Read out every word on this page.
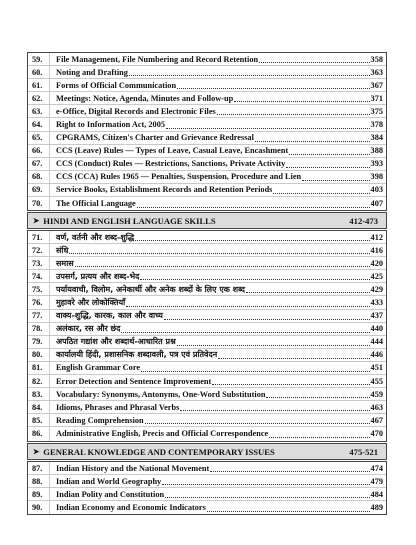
59.	File Management, File Numbering and Record Retention	358
60.	Noting and Drafting	363
61.	Forms of Official Communication	367
62.	Meetings: Notice, Agenda, Minutes and Follow-up	371
63.	e-Office, Digital Records and Electronic Files	375
64.	Right to Information Act, 2005	378
65.	CPGRAMS, Citizen's Charter and Grievance Redressal	384
66.	CCS (Leave) Rules — Types of Leave, Casual Leave, Encashment	388
67.	CCS (Conduct) Rules — Restrictions, Sanctions, Private Activity	393
68.	CCS (CCA) Rules 1965 — Penalties, Suspension, Procedure and Lien	398
69.	Service Books, Establishment Records and Retention Periods	403
70.	The Official Language	407
➤ HINDI AND ENGLISH LANGUAGE SKILLS	412-473
71.	वर्ण, वर्तनी और शब्द-शुद्धि	412
72.	संधि	416
73.	समास	420
74.	उपसर्ग, प्रत्यय और शब्द-भेद	425
75.	पर्यायवाची, विलोम, अनेकार्थी और अनेक शब्दों के लिए एक शब्द	429
76.	मुहावरे और लोकोक्तियाँ	433
77.	वाक्य-शुद्धि, कारक, काल और वाच्य	437
78.	अलंकार, रस और छंद	440
79.	अपठित गद्यांश और शब्दार्थ-आधारित प्रश्न	444
80.	कार्यालयी हिंदी, प्रशासनिक शब्दावली, पत्र एवं प्रतिवेदन	446
81.	English Grammar Core	451
82.	Error Detection and Sentence Improvement	455
83.	Vocabulary: Synonyms, Antonyms, One-Word Substitution	459
84.	Idioms, Phrases and Phrasal Verbs	463
85.	Reading Comprehension	467
86.	Administrative English, Precis and Official Correspondence	470
➤ GENERAL KNOWLEDGE AND CONTEMPORARY ISSUES	475-521
87.	Indian History and the National Movement	474
88.	Indian and World Geography	479
89.	Indian Polity and Constitution	484
90.	Indian Economy and Economic Indicators	489
